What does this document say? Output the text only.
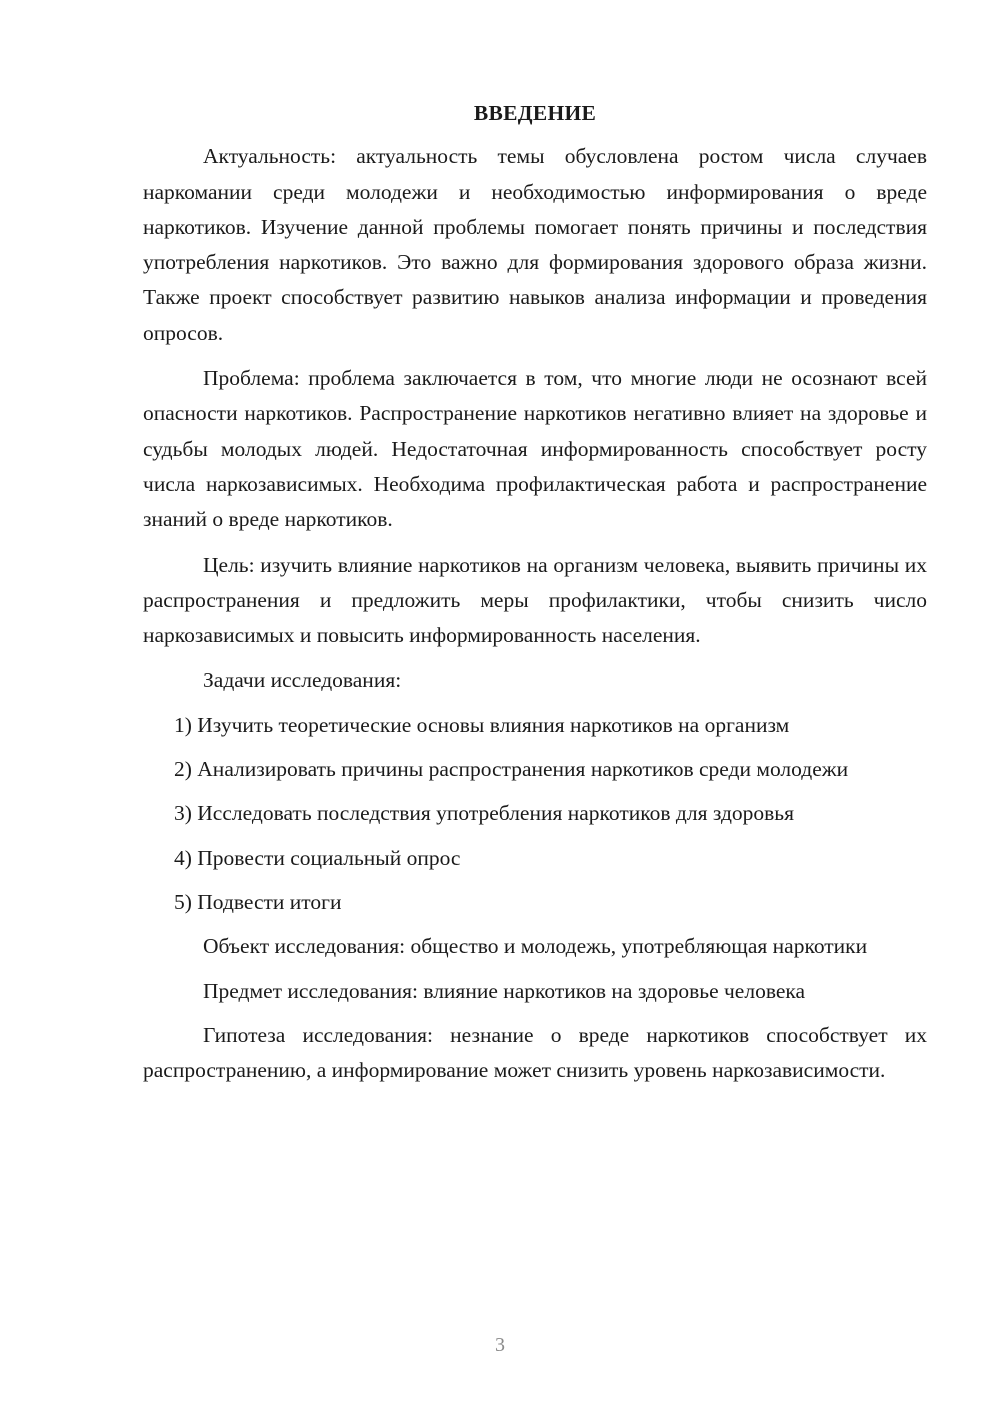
ВВЕДЕНИЕ

Актуальность: актуальность темы обусловлена ростом числа случаев наркомании среди молодежи и необходимостью информирования о вреде наркотиков. Изучение данной проблемы помогает понять причины и последствия употребления наркотиков. Это важно для формирования здорового образа жизни. Также проект способствует развитию навыков анализа информации и проведения опросов.

Проблема: проблема заключается в том, что многие люди не осознают всей опасности наркотиков. Распространение наркотиков негативно влияет на здоровье и судьбы молодых людей. Недостаточная информированность способствует росту числа наркозависимых. Необходима профилактическая работа и распространение знаний о вреде наркотиков.

Цель: изучить влияние наркотиков на организм человека, выявить причины их распространения и предложить меры профилактики, чтобы снизить число наркозависимых и повысить информированность населения.

Задачи исследования:

1) Изучить теоретические основы влияния наркотиков на организм

2) Анализировать причины распространения наркотиков среди молодежи

3) Исследовать последствия употребления наркотиков для здоровья

4) Провести социальный опрос

5) Подвести итоги

Объект исследования: общество и молодежь, употребляющая наркотики

Предмет исследования: влияние наркотиков на здоровье человека

Гипотеза исследования: незнание о вреде наркотиков способствует их распространению, а информирование может снизить уровень наркозависимости.

3
